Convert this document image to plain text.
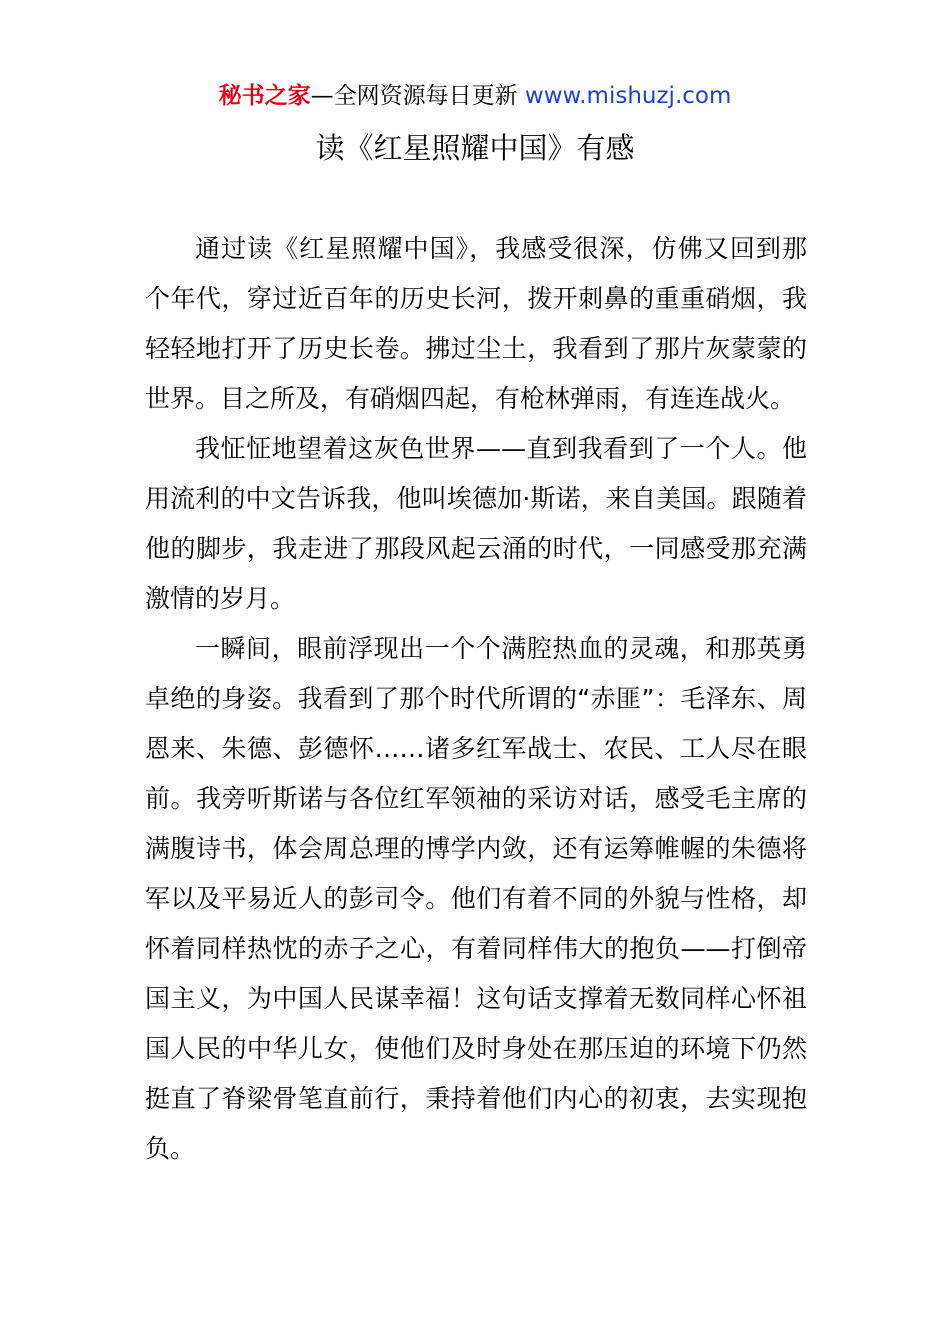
秘书之家—全网资源每日更新 www.mishuzj.com
读《红星照耀中国》有感

通过读《红星照耀中国》，我感受很深，仿佛又回到那个年代，穿过近百年的历史长河，拨开刺鼻的重重硝烟，我轻轻地打开了历史长卷。拂过尘土，我看到了那片灰蒙蒙的世界。目之所及，有硝烟四起，有枪林弹雨，有连连战火。

我怔怔地望着这灰色世界——直到我看到了一个人。他用流利的中文告诉我，他叫埃德加·斯诺，来自美国。跟随着他的脚步，我走进了那段风起云涌的时代，一同感受那充满激情的岁月。

一瞬间，眼前浮现出一个个满腔热血的灵魂，和那英勇卓绝的身姿。我看到了那个时代所谓的“赤匪”：毛泽东、周恩来、朱德、彭德怀……诸多红军战士、农民、工人尽在眼前。我旁听斯诺与各位红军领袖的采访对话，感受毛主席的满腹诗书，体会周总理的博学内敛，还有运筹帷幄的朱德将军以及平易近人的彭司令。他们有着不同的外貌与性格，却怀着同样热忱的赤子之心，有着同样伟大的抱负——打倒帝国主义，为中国人民谋幸福！这句话支撑着无数同样心怀祖国人民的中华儿女，使他们及时身处在那压迫的环境下仍然挺直了脊梁骨笔直前行，秉持着他们内心的初衷，去实现抱负。
